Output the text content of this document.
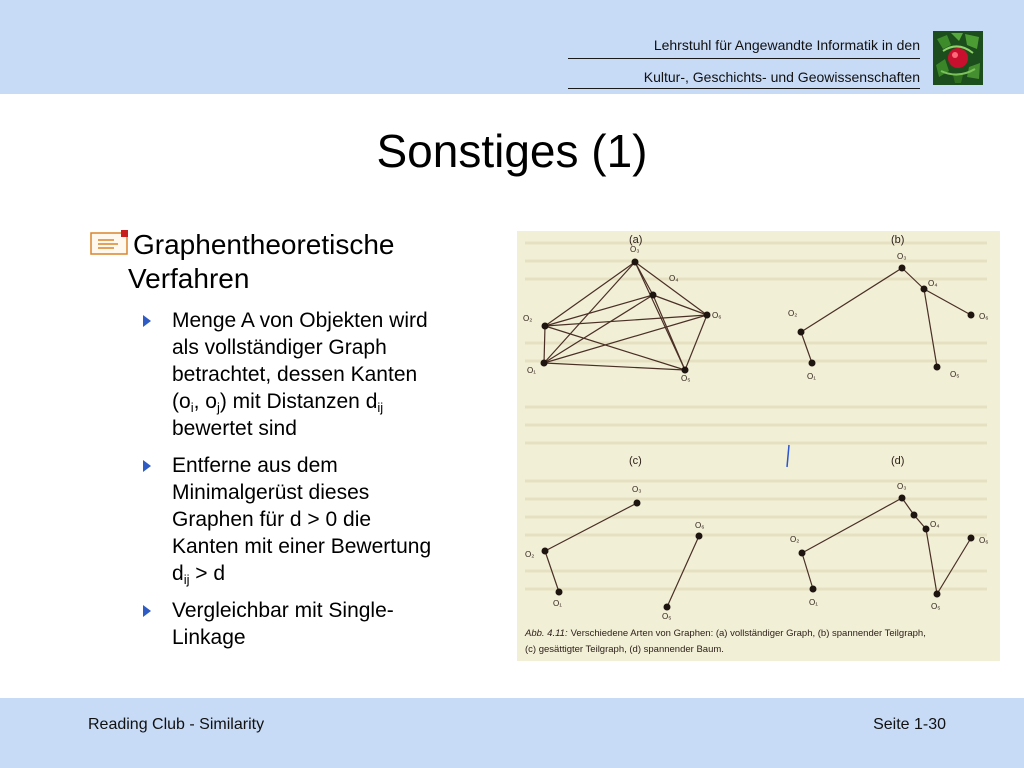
Lehrstuhl für Angewandte Informatik in den
Kultur-, Geschichts- und Geowissenschaften
Sonstiges (1)
Graphentheoretische
Verfahren
Menge A von Objekten wird
als vollständiger Graph
betrachtet, dessen Kanten
($o_i$, $o_j$) mit Distanzen $d_{ij}$
bewertet sind
Entferne aus dem
Minimalgerüst dieses
Graphen für d > 0 die
Kanten mit einer Bewertung
$d_{ij} > d$
Vergleichbar mit Single-
Linkage
(a)	(b)
(c)	(d)
O₃
O₄
O₆
O₂
O₁
O₅
O₃
O₄
O₆
O₂
O₁	O₅
O₃
O₂
O₁
O₆
O₅
O₃
O₄
O₆
O₂
O₁	O₅
Abb. 4.11: Verschiedene Arten von Graphen: (a) vollständiger Graph, (b) spannender Teilgraph,
(c) gesättigter Teilgraph, (d) spannender Baum.
Reading Club - Similarity	Seite 1-30
